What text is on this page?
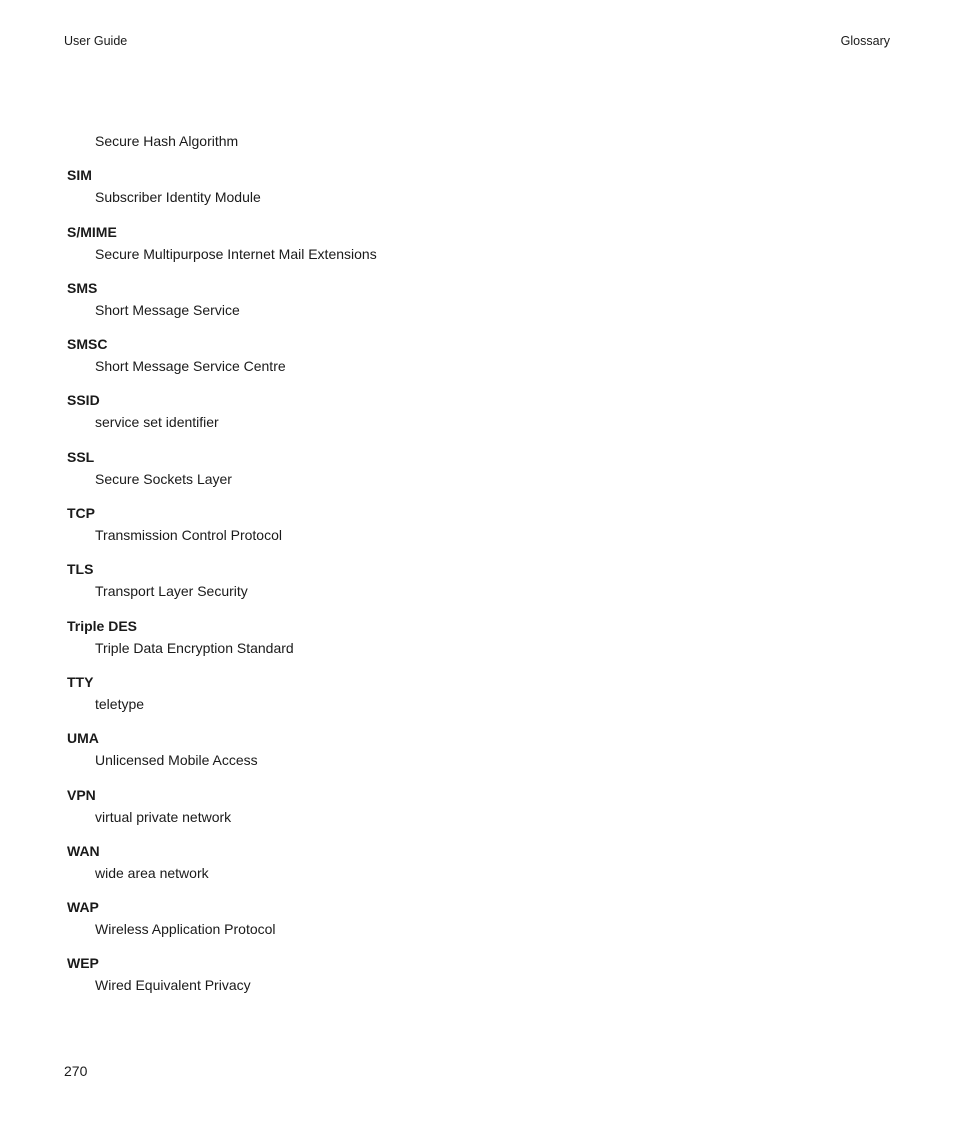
User Guide	Glossary
Secure Hash Algorithm
SIM
Subscriber Identity Module
S/MIME
Secure Multipurpose Internet Mail Extensions
SMS
Short Message Service
SMSC
Short Message Service Centre
SSID
service set identifier
SSL
Secure Sockets Layer
TCP
Transmission Control Protocol
TLS
Transport Layer Security
Triple DES
Triple Data Encryption Standard
TTY
teletype
UMA
Unlicensed Mobile Access
VPN
virtual private network
WAN
wide area network
WAP
Wireless Application Protocol
WEP
Wired Equivalent Privacy
270
